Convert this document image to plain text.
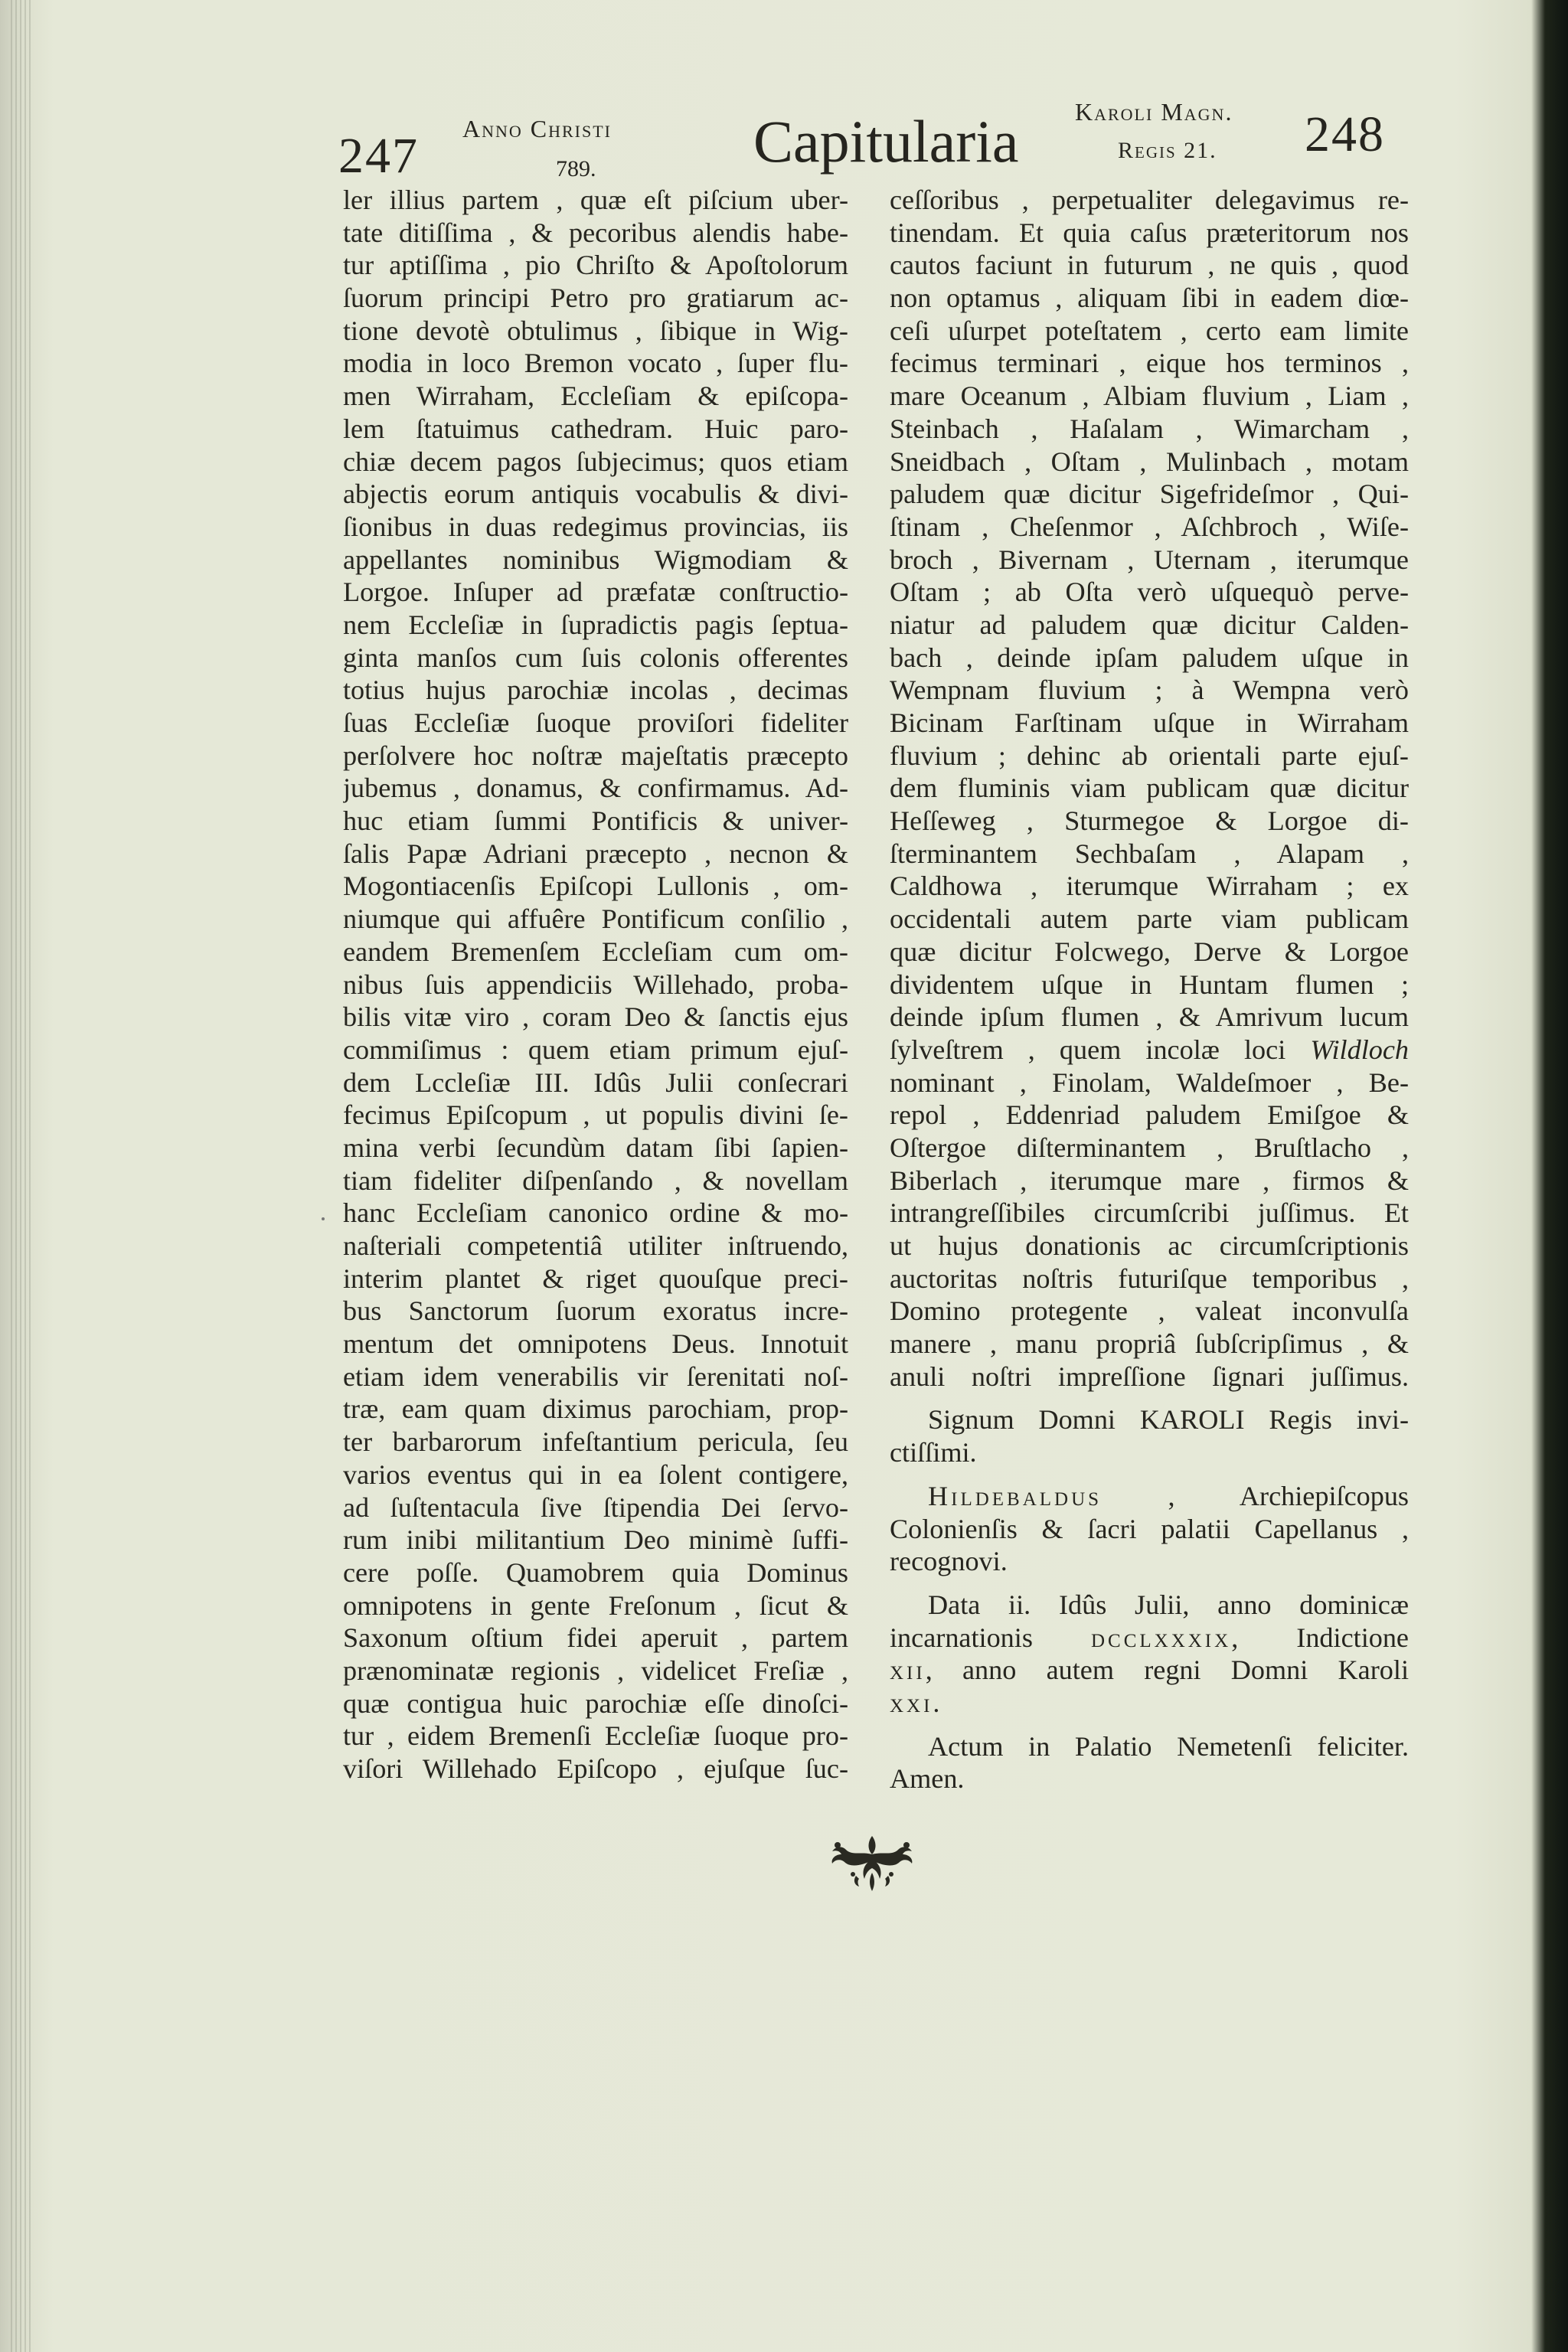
247 Anno Christi
789.	Capitularia Karoli Magn.
Regis 21. 248
ler illius partem , quæ eſt piſcium uber-
tate ditiſſima , & pecoribus alendis habe-
tur aptiſſima , pio Chriſto & Apoſtolorum
ſuorum principi Petro pro gratiarum ac-
tione devotè obtulimus , ſibique in Wig-
modia in loco Bremon vocato , ſuper flu-
men Wirraham, Eccleſiam & epiſcopa-
lem ſtatuimus cathedram. Huic paro-
chiæ decem pagos ſubjecimus; quos etiam
abjectis eorum antiquis vocabulis & divi-
ſionibus in duas redegimus provincias, iis
appellantes nominibus Wigmodiam &
Lorgoe. Inſuper ad præfatæ conſtructio-
nem Eccleſiæ in ſupradictis pagis ſeptua-
ginta manſos cum ſuis colonis offerentes
totius hujus parochiæ incolas , decimas
ſuas Eccleſiæ ſuoque proviſori fideliter
perſolvere hoc noſtræ majeſtatis præcepto
jubemus , donamus, & confirmamus. Ad-
huc etiam ſummi Pontificis & univer-
ſalis Papæ Adriani præcepto , necnon &
Mogontiacenſis Epiſcopi Lullonis , om-
niumque qui affuêre Pontificum conſilio ,
eandem Bremenſem Eccleſiam cum om-
nibus ſuis appendiciis Willehado, proba-
bilis vitæ viro , coram Deo & ſanctis ejus
commiſimus : quem etiam primum ejuſ-
dem Lccleſiæ III. Idûs Julii conſecrari
fecimus Epiſcopum , ut populis divini ſe-
mina verbi ſecundùm datam ſibi ſapien-
tiam fideliter diſpenſando , & novellam
hanc Eccleſiam canonico ordine & mo-
naſteriali competentiâ utiliter inſtruendo,
interim plantet & riget quouſque preci-
bus Sanctorum ſuorum exoratus incre-
mentum det omnipotens Deus. Innotuit
etiam idem venerabilis vir ſerenitati noſ-
træ, eam quam diximus parochiam, prop-
ter barbarorum infeſtantium pericula, ſeu
varios eventus qui in ea ſolent contigere,
ad ſuſtentacula ſive ſtipendia Dei ſervo-
rum inibi militantium Deo minimè ſuffi-
cere poſſe. Quamobrem quia Dominus
omnipotens in gente Freſonum , ſicut &
Saxonum oſtium fidei aperuit , partem
prænominatæ regionis , videlicet Freſiæ ,
quæ contigua huic parochiæ eſſe dinoſci-
tur , eidem Bremenſi Eccleſiæ ſuoque pro-
viſori Willehado Epiſcopo , ejuſque ſuc-
ceſſoribus , perpetualiter delegavimus re-
tinendam. Et quia caſus præteritorum nos
cautos faciunt in futurum , ne quis , quod
non optamus , aliquam ſibi in eadem diœ-
ceſi uſurpet poteſtatem , certo eam limite
fecimus terminari , eique hos terminos ,
mare Oceanum , Albiam fluvium , Liam ,
Steinbach , Haſalam , Wimarcham ,
Sneidbach , Oſtam , Mulinbach , motam
paludem quæ dicitur Sigefrideſmor , Qui-
ſtinam , Cheſenmor , Aſchbroch , Wiſe-
broch , Bivernam , Uternam , iterumque
Oſtam ; ab Oſta verò uſquequò perve-
niatur ad paludem quæ dicitur Calden-
bach , deinde ipſam paludem uſque in
Wempnam fluvium ; à Wempna verò
Bicinam Farſtinam uſque in Wirraham
fluvium ; dehinc ab orientali parte ejuſ-
dem fluminis viam publicam quæ dicitur
Heſſeweg , Sturmegoe & Lorgoe di-
ſterminantem Sechbaſam , Alapam ,
Caldhowa , iterumque Wirraham ; ex
occidentali autem parte viam publicam
quæ dicitur Folcwego, Derve & Lorgoe
dividentem uſque in Huntam flumen ;
deinde ipſum flumen , & Amrivum lucum
ſylveſtrem , quem incolæ loci Wildloch
nominant , Finolam, Waldeſmoer , Be-
repol , Eddenriad paludem Emiſgoe &
Oſtergoe diſterminantem , Bruſtlacho ,
Biberlach , iterumque mare , firmos &
intrangreſſibiles circumſcribi juſſimus. Et
ut hujus donationis ac circumſcriptionis
auctoritas noſtris futuriſque temporibus ,
Domino protegente , valeat inconvulſa
manere , manu propriâ ſubſcripſimus , &
anuli noſtri impreſſione ſignari juſſimus.
Signum Domni KAROLI Regis invi-
ctiſſimi.
Hildebaldus , Archiepiſcopus
Colonienſis & ſacri palatii Capellanus ,
recognovi.
Data ii. Idûs Julii, anno dominicæ
incarnationis dcclxxxix, Indictione
xii, anno autem regni Domni Karoli
xxi.
Actum in Palatio Nemetenſi feliciter.
Amen.
